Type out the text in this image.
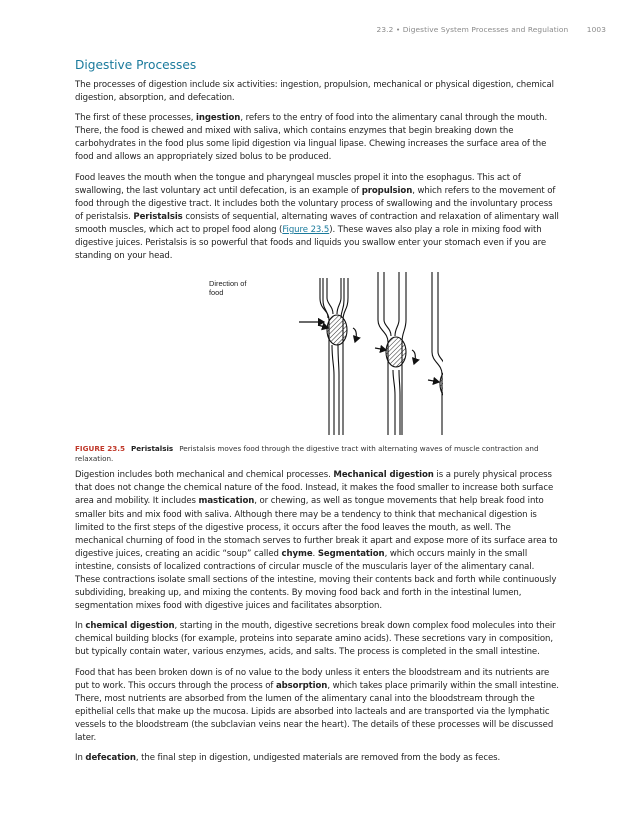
23.2 • Digestive System Processes and Regulation 1003
Digestive Processes

The processes of digestion include six activities: ingestion, propulsion, mechanical or physical digestion, chemical digestion, absorption, and defecation.

The first of these processes, ingestion, refers to the entry of food into the alimentary canal through the mouth. There, the food is chewed and mixed with saliva, which contains enzymes that begin breaking down the carbohydrates in the food plus some lipid digestion via lingual lipase. Chewing increases the surface area of the food and allows an appropriately sized bolus to be produced.

Food leaves the mouth when the tongue and pharyngeal muscles propel it into the esophagus. This act of swallowing, the last voluntary act until defecation, is an example of propulsion, which refers to the movement of food through the digestive tract. It includes both the voluntary process of swallowing and the involuntary process of peristalsis. Peristalsis consists of sequential, alternating waves of contraction and relaxation of alimentary wall smooth muscles, which act to propel food along (Figure 23.5). These waves also play a role in mixing food with digestive juices. Peristalsis is so powerful that foods and liquids you swallow enter your stomach even if you are standing on your head.

Direction of food
FIGURE 23.5 Peristalsis Peristalsis moves food through the digestive tract with alternating waves of muscle contraction and relaxation.

Digestion includes both mechanical and chemical processes. Mechanical digestion is a purely physical process that does not change the chemical nature of the food. Instead, it makes the food smaller to increase both surface area and mobility. It includes mastication, or chewing, as well as tongue movements that help break food into smaller bits and mix food with saliva. Although there may be a tendency to think that mechanical digestion is limited to the first steps of the digestive process, it occurs after the food leaves the mouth, as well. The mechanical churning of food in the stomach serves to further break it apart and expose more of its surface area to digestive juices, creating an acidic “soup” called chyme. Segmentation, which occurs mainly in the small intestine, consists of localized contractions of circular muscle of the muscularis layer of the alimentary canal. These contractions isolate small sections of the intestine, moving their contents back and forth while continuously subdividing, breaking up, and mixing the contents. By moving food back and forth in the intestinal lumen, segmentation mixes food with digestive juices and facilitates absorption.

In chemical digestion, starting in the mouth, digestive secretions break down complex food molecules into their chemical building blocks (for example, proteins into separate amino acids). These secretions vary in composition, but typically contain water, various enzymes, acids, and salts. The process is completed in the small intestine.

Food that has been broken down is of no value to the body unless it enters the bloodstream and its nutrients are put to work. This occurs through the process of absorption, which takes place primarily within the small intestine. There, most nutrients are absorbed from the lumen of the alimentary canal into the bloodstream through the epithelial cells that make up the mucosa. Lipids are absorbed into lacteals and are transported via the lymphatic vessels to the bloodstream (the subclavian veins near the heart). The details of these processes will be discussed later.

In defecation, the final step in digestion, undigested materials are removed from the body as feces.
